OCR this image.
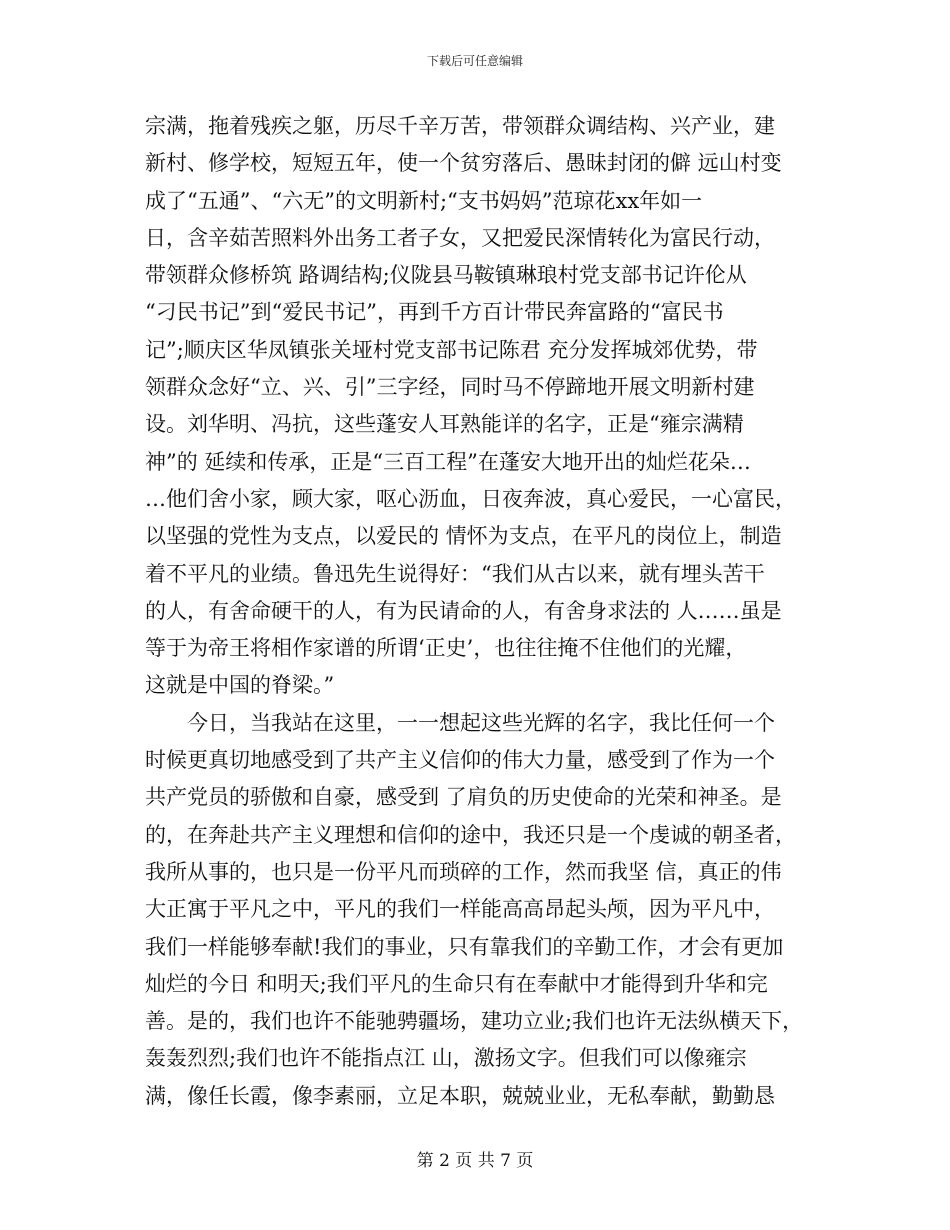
下载后可任意编辑
宗满，拖着残疾之躯，历尽千辛万苦，带领群众调结构、兴产业，建
新村、修学校，短短五年，使一个贫穷落后、愚昧封闭的僻 远山村变
成了“五通”、“六无”的文明新村;“支书妈妈”范琼花xx年如一
日，含辛茹苦照料外出务工者子女，又把爱民深情转化为富民行动，
带领群众修桥筑 路调结构;仪陇县马鞍镇琳琅村党支部书记许伦从
“刁民书记”到“爱民书记”，再到千方百计带民奔富路的“富民书
记”;顺庆区华凤镇张关垭村党支部书记陈君 充分发挥城郊优势，带
领群众念好“立、兴、引”三字经，同时马不停蹄地开展文明新村建
设。刘华明、冯抗，这些蓬安人耳熟能详的名字，正是“雍宗满精
神”的 延续和传承，正是“三百工程”在蓬安大地开出的灿烂花朵…
…他们舍小家，顾大家，呕心沥血，日夜奔波，真心爱民，一心富民，
以坚强的党性为支点，以爱民的 情怀为支点，在平凡的岗位上，制造
着不平凡的业绩。鲁迅先生说得好：“我们从古以来，就有埋头苦干
的人，有舍命硬干的人，有为民请命的人，有舍身求法的 人……虽是
等于为帝王将相作家谱的所谓‘正史’，也往往掩不住他们的光耀，
这就是中国的脊梁。”
　　今日，当我站在这里，一一想起这些光辉的名字，我比任何一个
时候更真切地感受到了共产主义信仰的伟大力量，感受到了作为一个
共产党员的骄傲和自豪，感受到 了肩负的历史使命的光荣和神圣。是
的，在奔赴共产主义理想和信仰的途中，我还只是一个虔诚的朝圣者，
我所从事的，也只是一份平凡而琐碎的工作，然而我坚 信，真正的伟
大正寓于平凡之中，平凡的我们一样能高高昂起头颅，因为平凡中，
我们一样能够奉献!我们的事业，只有靠我们的辛勤工作，才会有更加
灿烂的今日 和明天;我们平凡的生命只有在奉献中才能得到升华和完
善。是的，我们也许不能驰骋疆场，建功立业;我们也许无法纵横天下，
轰轰烈烈;我们也许不能指点江 山，激扬文字。但我们可以像雍宗
满，像任长霞，像李素丽，立足本职，兢兢业业，无私奉献，勤勤恳
第 2 页 共 7 页
